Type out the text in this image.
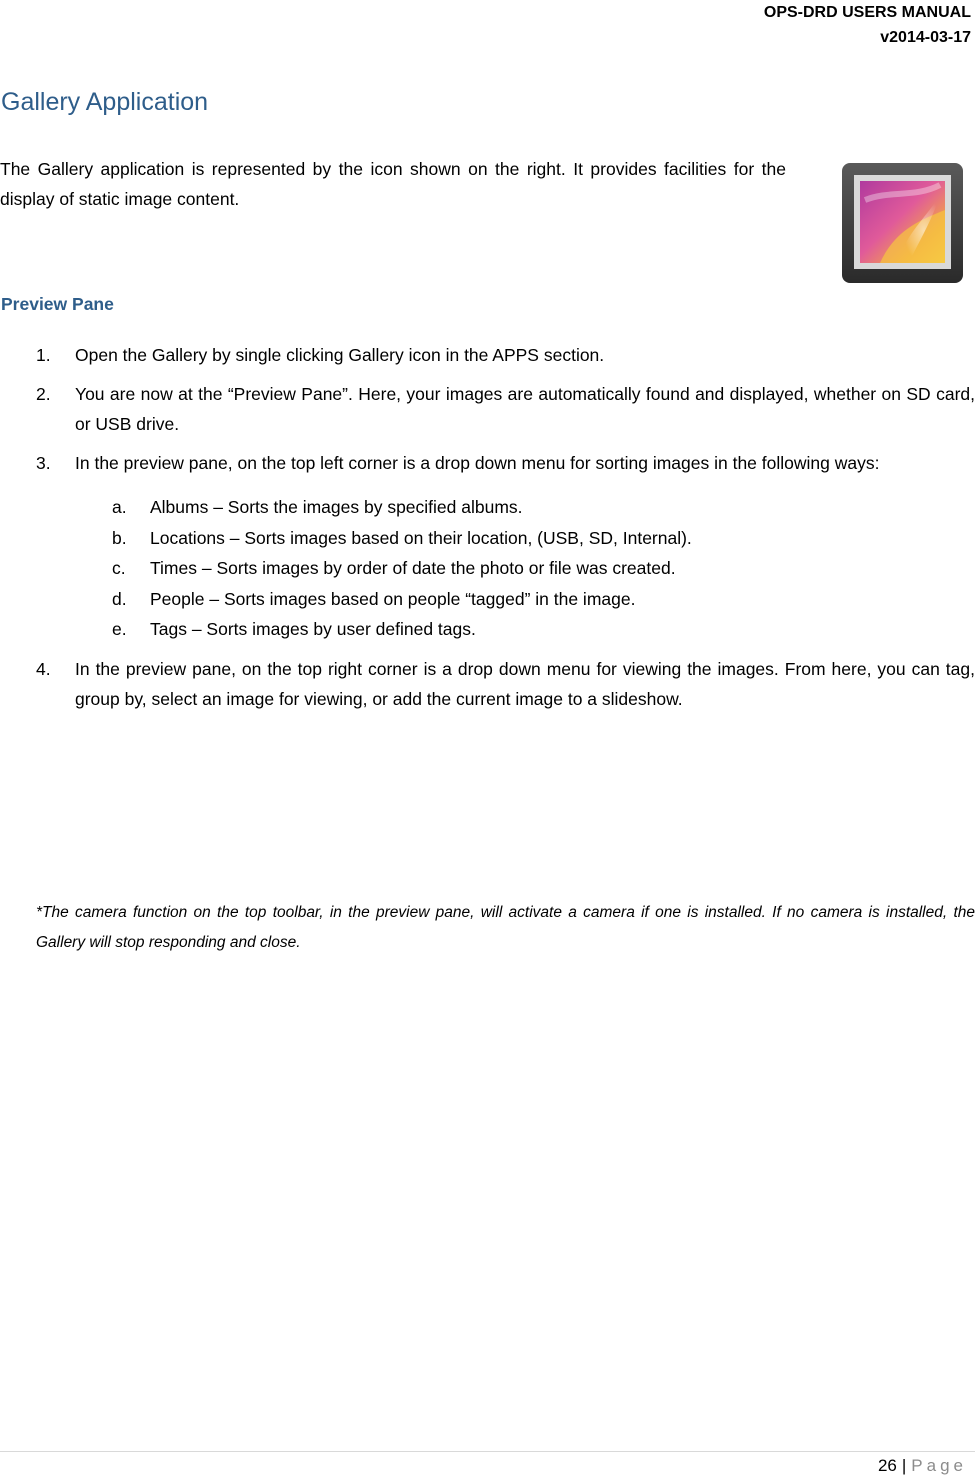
OPS-DRD USERS MANUAL
v2014-03-17
Gallery Application
The Gallery application is represented by the icon shown on the right. It provides facilities for the display of static image content.
Preview Pane
1. Open the Gallery by single clicking Gallery icon in the APPS section.
2. You are now at the “Preview Pane”. Here, your images are automatically found and displayed, whether on SD card, or USB drive.
3. In the preview pane, on the top left corner is a drop down menu for sorting images in the following ways:
a. Albums – Sorts the images by specified albums.
b. Locations – Sorts images based on their location, (USB, SD, Internal).
c. Times – Sorts images by order of date the photo or file was created.
d. People – Sorts images based on people “tagged” in the image.
e. Tags – Sorts images by user defined tags.
4. In the preview pane, on the top right corner is a drop down menu for viewing the images. From here, you can tag, group by, select an image for viewing, or add the current image to a slideshow.
*The camera function on the top toolbar, in the preview pane, will activate a camera if one is installed. If no camera is installed, the Gallery will stop responding and close.
26 | Page
